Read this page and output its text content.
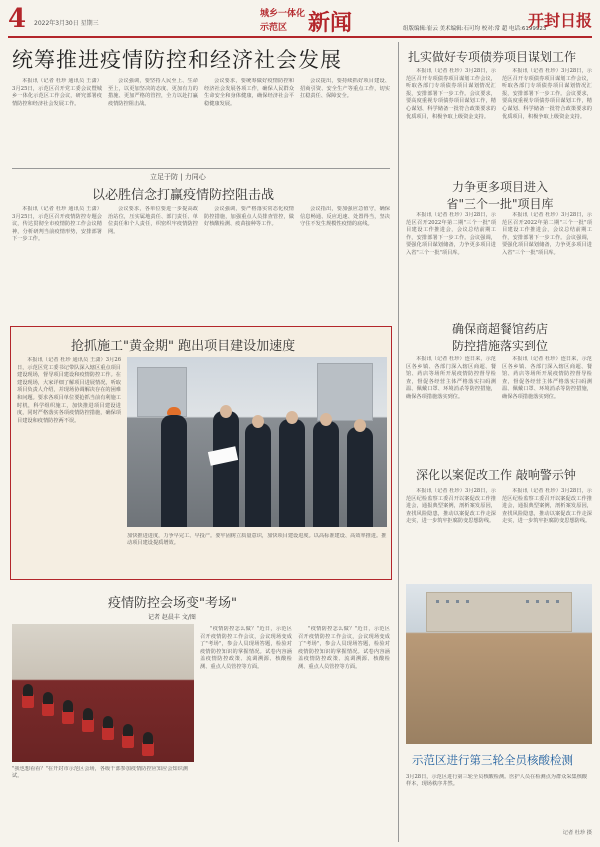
4 2022年3月30日 星期三
城乡一体化
示范区 新闻	组版编辑:崔云 美术编辑:石可均 校对:常 超 电话:6199923
开封日报
统筹推进疫情防控和经济社会发展

本报讯（记者 杜珍 通讯员 王潇）3月25日，示范区召开党工委会议暨城乡一体化示范区工作会议，研究部署疫情防控和经济社会发展工作。

会议强调，要坚持人民至上、生命至上，以更加坚决的态度、更加有力的措施、更加严格的管控，全力以赴打赢疫情防控阻击战。

会议要求，要统筹做好疫情防控和经济社会发展各项工作，确保人民群众生命安全和身体健康，确保经济社会平稳健康发展。

会议提出，要持续抓好项目建设、招商引资、安全生产等重点工作，切实扛稳责任、保障安全。

立足于防 | 力同心
以必胜信念打赢疫情防控阻击战

本报讯（记者 杜珍 通讯员 王潇）3月25日，示范区召开疫情防控专题会议，传达贯彻全市疫情防控工作会议精神，分析研判当前疫情形势，安排部署下一步工作。

会议要求，各单位要进一步提高政治站位，压实属地责任、部门责任、单位责任和个人责任，织密织牢疫情防控网。

会议强调，要严格落实常态化疫情防控措施，加强重点人员排查管控，做好核酸检测、疫苗接种等工作。

会议指出，要加强应急值守，确保信息畅通、反应迅速、处置得当，坚决守住不发生规模性疫情的底线。

抢抓施工"黄金期" 跑出项目建设加速度

本报讯（记者 杜珍 通讯员 王潇）3月26日，示范区党工委书记带队深入辖区重点项目建设现场，督导项目建设和疫情防控工作。在建设现场，大家详细了解项目进展情况，听取项目负责人介绍，并现场协调解决存在的困难和问题。要求各项目单位要抢抓当前有利施工时机，科学组织施工，加快推进项目建设进度，同时严格落实各项疫情防控措施，确保项目建设和疫情防控两不误。

加快推进进度，力争早完工、早投产。要牢固树立质量意识，加快项目建设进度。以高标准建设、高效率推进。推动项目建设提质增效。
疫情防控会场变"考场"
记者 赵晨丰 文/图
"我也想看看？"在开封市示范区会场，各级干部参加疫情防控应知应会知识测试。

"疫情防控怎么做？"近日，示范区召开疫情防控工作会议，会议现场变成了"考场"，参会人员现场答题，检验对疫情防控知识的掌握情况。试卷内容涵盖疫情防控政策、流调溯源、核酸检测、重点人员管控等方面。

"疫情防控怎么做？"近日，示范区召开疫情防控工作会议，会议现场变成了"考场"，参会人员现场答题，检验对疫情防控知识的掌握情况。试卷内容涵盖疫情防控政策、流调溯源、核酸检测、重点人员管控等方面。

扎实做好专项债券项目谋划工作

本报讯（记者 杜珍）3月28日，示范区召开专项债券项目谋划工作会议，听取各部门专项债券项目谋划情况汇报，安排部署下一步工作。会议要求，要高度重视专项债券项目谋划工作，精心谋划、科学储备一批符合政策要求的优质项目，积极争取上级资金支持。

本报讯（记者 杜珍）3月28日，示范区召开专项债券项目谋划工作会议，听取各部门专项债券项目谋划情况汇报，安排部署下一步工作。会议要求，要高度重视专项债券项目谋划工作，精心谋划、科学储备一批符合政策要求的优质项目，积极争取上级资金支持。

力争更多项目进入
省"三个一批"项目库

本报讯（记者 杜珍）3月28日，示范区召开2022年第二期"三个一批"项目建设工作推进会，会议总结前期工作，安排部署下一步工作。会议强调，要强化项目谋划储备，力争更多项目进入省"三个一批"项目库。

本报讯（记者 杜珍）3月28日，示范区召开2022年第二期"三个一批"项目建设工作推进会，会议总结前期工作，安排部署下一步工作。会议强调，要强化项目谋划储备，力争更多项目进入省"三个一批"项目库。

确保商超餐馆药店
防控措施落实到位

本报讯（记者 杜珍）连日来，示范区各乡镇、各部门深入辖区商超、餐馆、药店等场所开展疫情防控督导检查，督促各经营主体严格落实扫码测温、佩戴口罩、环境消杀等防控措施，确保各项措施落实到位。

本报讯（记者 杜珍）连日来，示范区各乡镇、各部门深入辖区商超、餐馆、药店等场所开展疫情防控督导检查，督促各经营主体严格落实扫码测温、佩戴口罩、环境消杀等防控措施，确保各项措施落实到位。

深化以案促改工作 敲响警示钟

本报讯（记者 杜珍）3月28日，示范区纪检监察工委召开以案促改工作推进会，通报典型案例，剖析案发原因，查找风险隐患，推动以案促改工作走深走实，进一步筑牢拒腐防变思想防线。

本报讯（记者 杜珍）3月28日，示范区纪检监察工委召开以案促改工作推进会，通报典型案例，剖析案发原因，查找风险隐患，推动以案促改工作走深走实，进一步筑牢拒腐防变思想防线。

示范区进行第三轮全员核酸检测
3月28日，示范区进行第三轮全员核酸检测。医护人员在检测点为群众采集核酸样本，现场秩序井然。
记者 杜珍 摄
